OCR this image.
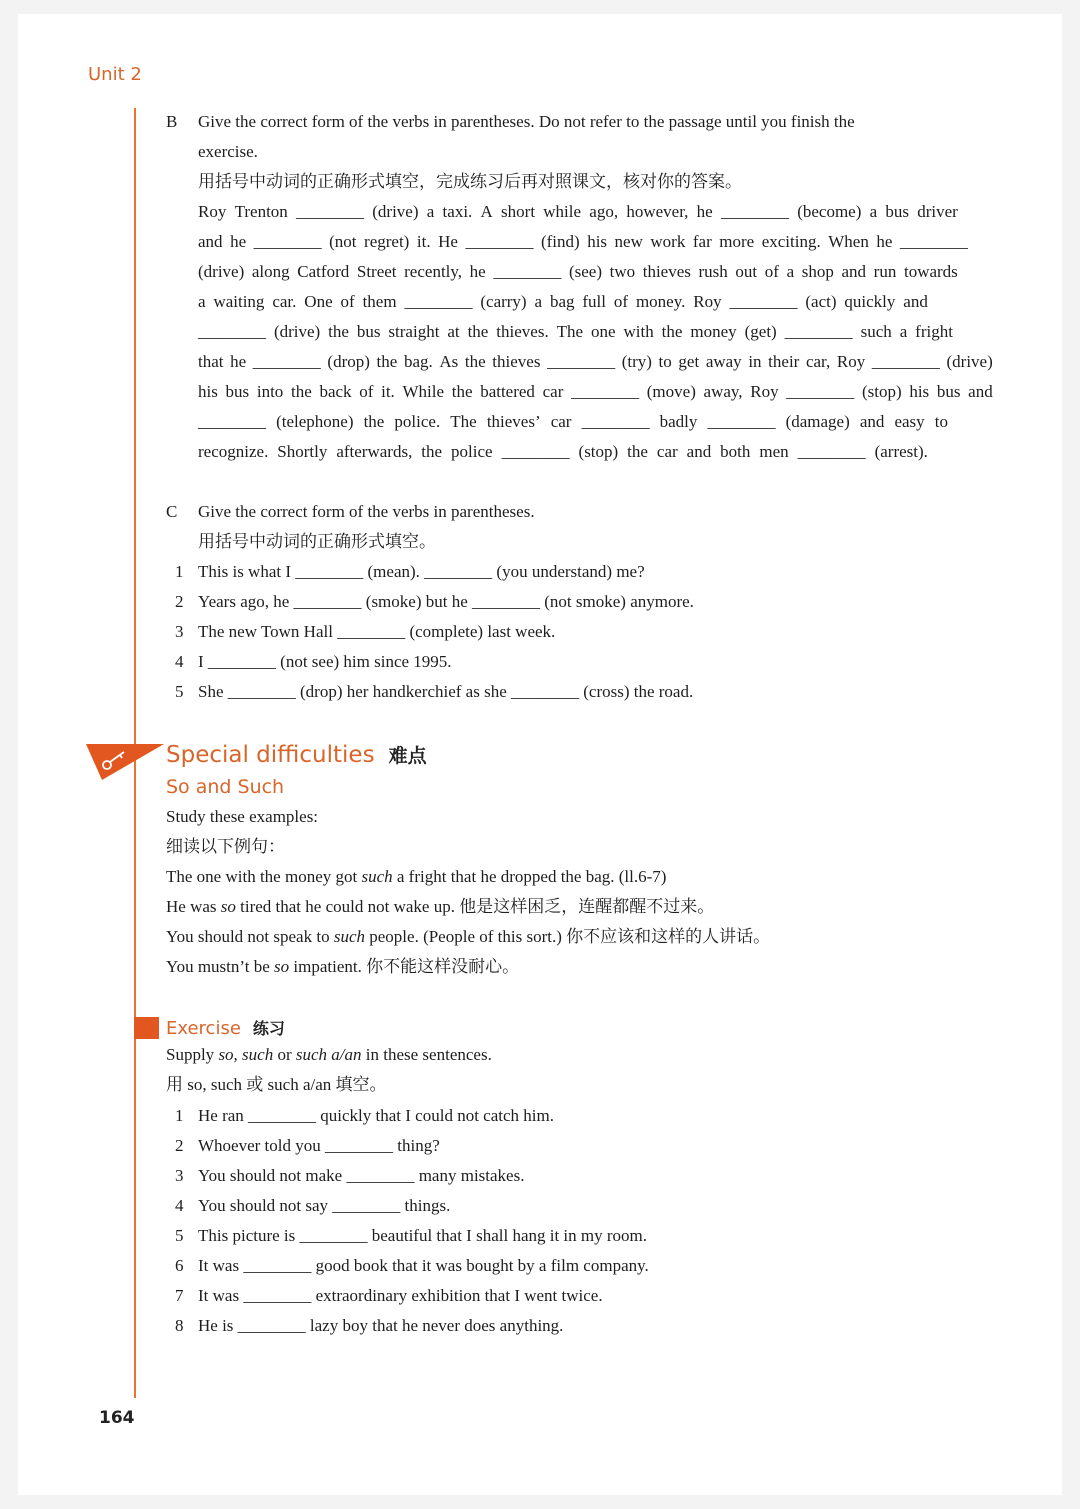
Unit 2
B Give the correct form of the verbs in parentheses. Do not refer to the passage until you finish the
exercise.
用括号中动词的正确形式填空，完成练习后再对照课文，核对你的答案。
Roy Trenton ________ (drive) a taxi. A short while ago, however, he ________ (become) a bus driver
and he ________ (not regret) it. He ________ (find) his new work far more exciting. When he ________
(drive) along Catford Street recently, he ________ (see) two thieves rush out of a shop and run towards
a waiting car. One of them ________ (carry) a bag full of money. Roy ________ (act) quickly and
________ (drive) the bus straight at the thieves. The one with the money (get) ________ such a fright
that he ________ (drop) the bag. As the thieves ________ (try) to get away in their car, Roy ________ (drive)
his bus into the back of it. While the battered car ________ (move) away, Roy ________ (stop) his bus and
________ (telephone) the police. The thieves’ car ________ badly ________ (damage) and easy to
recognize. Shortly afterwards, the police ________ (stop) the car and both men ________ (arrest).
C Give the correct form of the verbs in parentheses.
用括号中动词的正确形式填空。
1 This is what I ________ (mean). ________ (you understand) me?
2 Years ago, he ________ (smoke) but he ________ (not smoke) anymore.
3 The new Town Hall ________ (complete) last week.
4 I ________ (not see) him since 1995.
5 She ________ (drop) her handkerchief as she ________ (cross) the road.
Special difficulties 难点
So and Such
Study these examples:
细读以下例句：
The one with the money got such a fright that he dropped the bag. (ll.6-7)
He was so tired that he could not wake up. 他是这样困乏，连醒都醒不过来。
You should not speak to such people. (People of this sort.) 你不应该和这样的人讲话。
You mustn’t be so impatient. 你不能这样没耐心。
Exercise 练习
Supply so, such or such a/an in these sentences.
用 so, such 或 such a/an 填空。
1 He ran ________ quickly that I could not catch him.
2 Whoever told you ________ thing?
3 You should not make ________ many mistakes.
4 You should not say ________ things.
5 This picture is ________ beautiful that I shall hang it in my room.
6 It was ________ good book that it was bought by a film company.
7 It was ________ extraordinary exhibition that I went twice.
8 He is ________ lazy boy that he never does anything.
164
